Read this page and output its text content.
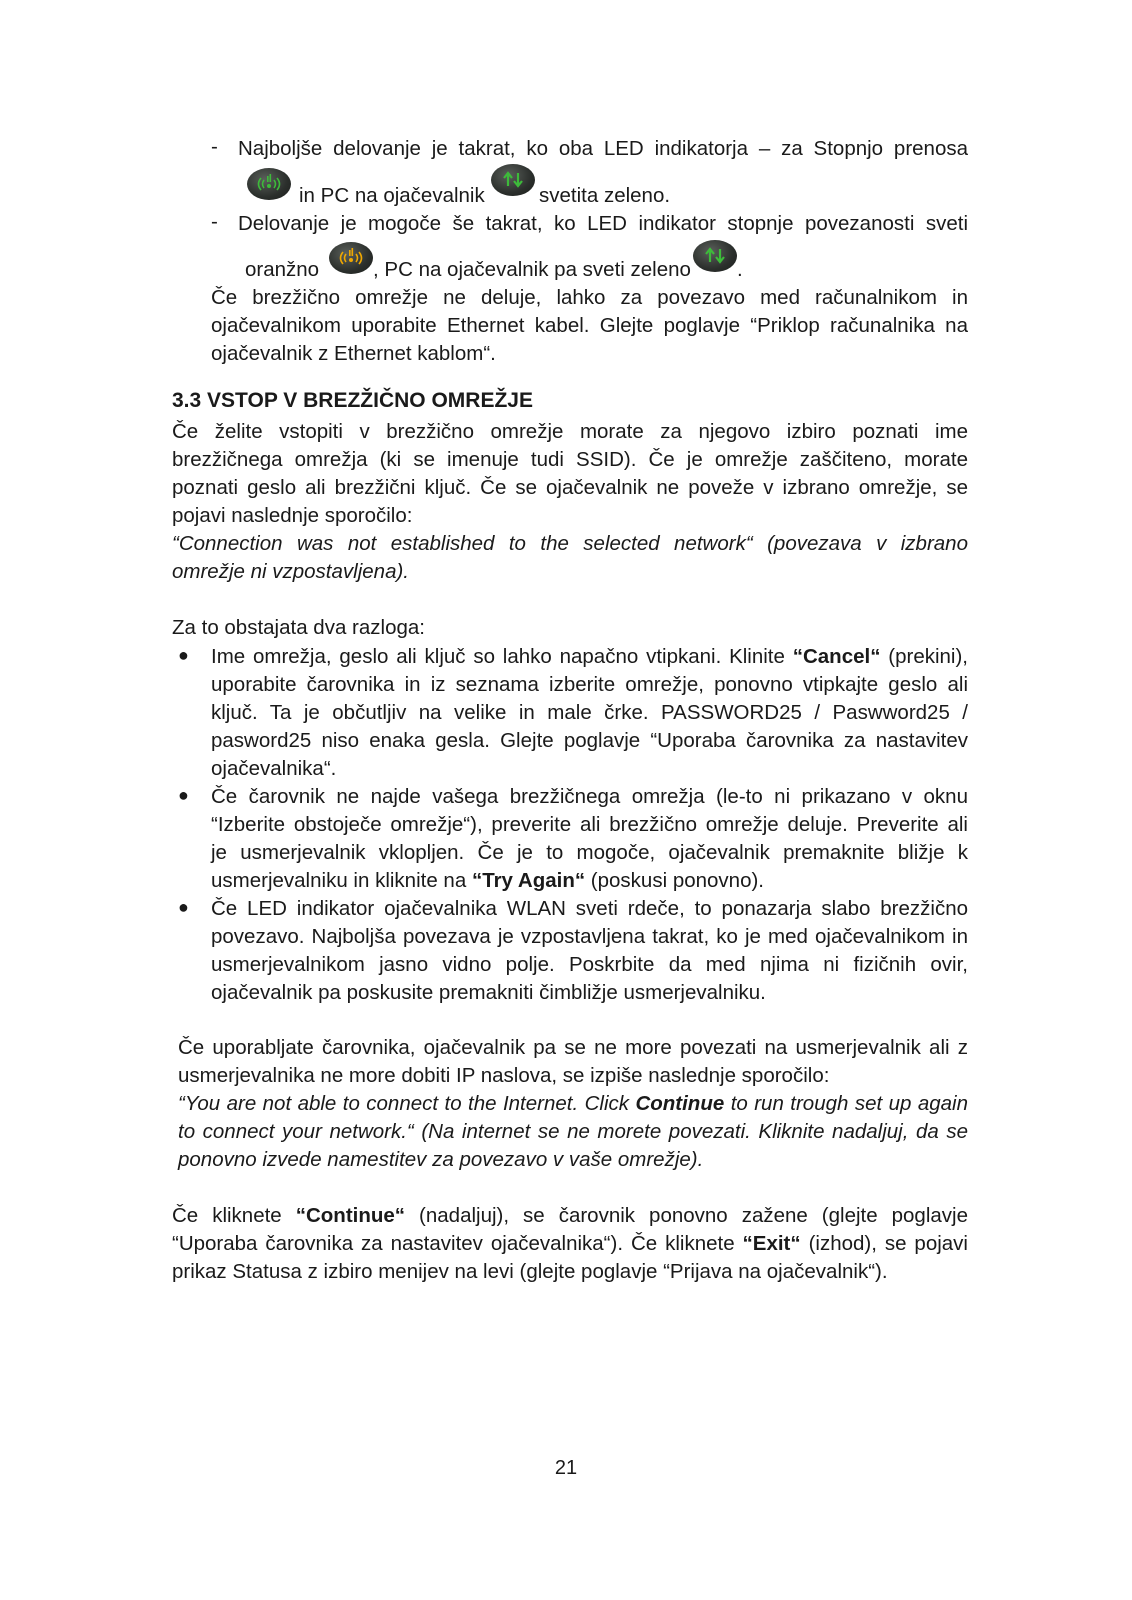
- Najboljše delovanje je takrat, ko oba LED indikatorja – za Stopnjo prenosa
in PC na ojačevalnik	svetita zeleno.
- Delovanje je mogoče še takrat, ko LED indikator stopnje povezanosti sveti
oranžno	, PC na ojačevalnik pa sveti zeleno .
Če brezžično omrežje ne deluje, lahko za povezavo med računalnikom in
ojačevalnikom uporabite Ethernet kabel. Glejte poglavje “Priklop računalnika na
ojačevalnik z Ethernet kablom“.
3.3 VSTOP V BREZŽIČNO OMREŽJE
Če želite vstopiti v brezžično omrežje morate za njegovo izbiro poznati ime
brezžičnega omrežja (ki se imenuje tudi SSID). Če je omrežje zaščiteno, morate
poznati geslo ali brezžični ključ. Če se ojačevalnik ne poveže v izbrano omrežje, se
pojavi naslednje sporočilo:
“Connection was not established to the selected network“ (povezava v izbrano
omrežje ni vzpostavljena).
Za to obstajata dva razloga:
● Ime omrežja, geslo ali ključ so lahko napačno vtipkani. Klinite “Cancel“ (prekini),
uporabite čarovnika in iz seznama izberite omrežje, ponovno vtipkajte geslo ali
ključ. Ta je občutljiv na velike in male črke. PASSWORD25 / Paswword25 /
pasword25 niso enaka gesla. Glejte poglavje “Uporaba čarovnika za nastavitev
ojačevalnika“.
● Če čarovnik ne najde vašega brezžičnega omrežja (le-to ni prikazano v oknu
“Izberite obstoječe omrežje“), preverite ali brezžično omrežje deluje. Preverite ali
je usmerjevalnik vklopljen. Če je to mogoče, ojačevalnik premaknite bližje k
usmerjevalniku in kliknite na “Try Again“ (poskusi ponovno).
● Če LED indikator ojačevalnika WLAN sveti rdeče, to ponazarja slabo brezžično
povezavo. Najboljša povezava je vzpostavljena takrat, ko je med ojačevalnikom in
usmerjevalnikom jasno vidno polje. Poskrbite da med njima ni fizičnih ovir,
ojačevalnik pa poskusite premakniti čimbližje usmerjevalniku.
Če uporabljate čarovnika, ojačevalnik pa se ne more povezati na usmerjevalnik ali z
usmerjevalnika ne more dobiti IP naslova, se izpiše naslednje sporočilo:
“You are not able to connect to the Internet. Click Continue to run trough set up again
to connect your network.“ (Na internet se ne morete povezati. Kliknite nadaljuj, da se
ponovno izvede namestitev za povezavo v vaše omrežje).
Če kliknete “Continue“ (nadaljuj), se čarovnik ponovno zažene (glejte poglavje
“Uporaba čarovnika za nastavitev ojačevalnika“). Če kliknete “Exit“ (izhod), se pojavi
prikaz Statusa z izbiro menijev na levi (glejte poglavje “Prijava na ojačevalnik“).
21
